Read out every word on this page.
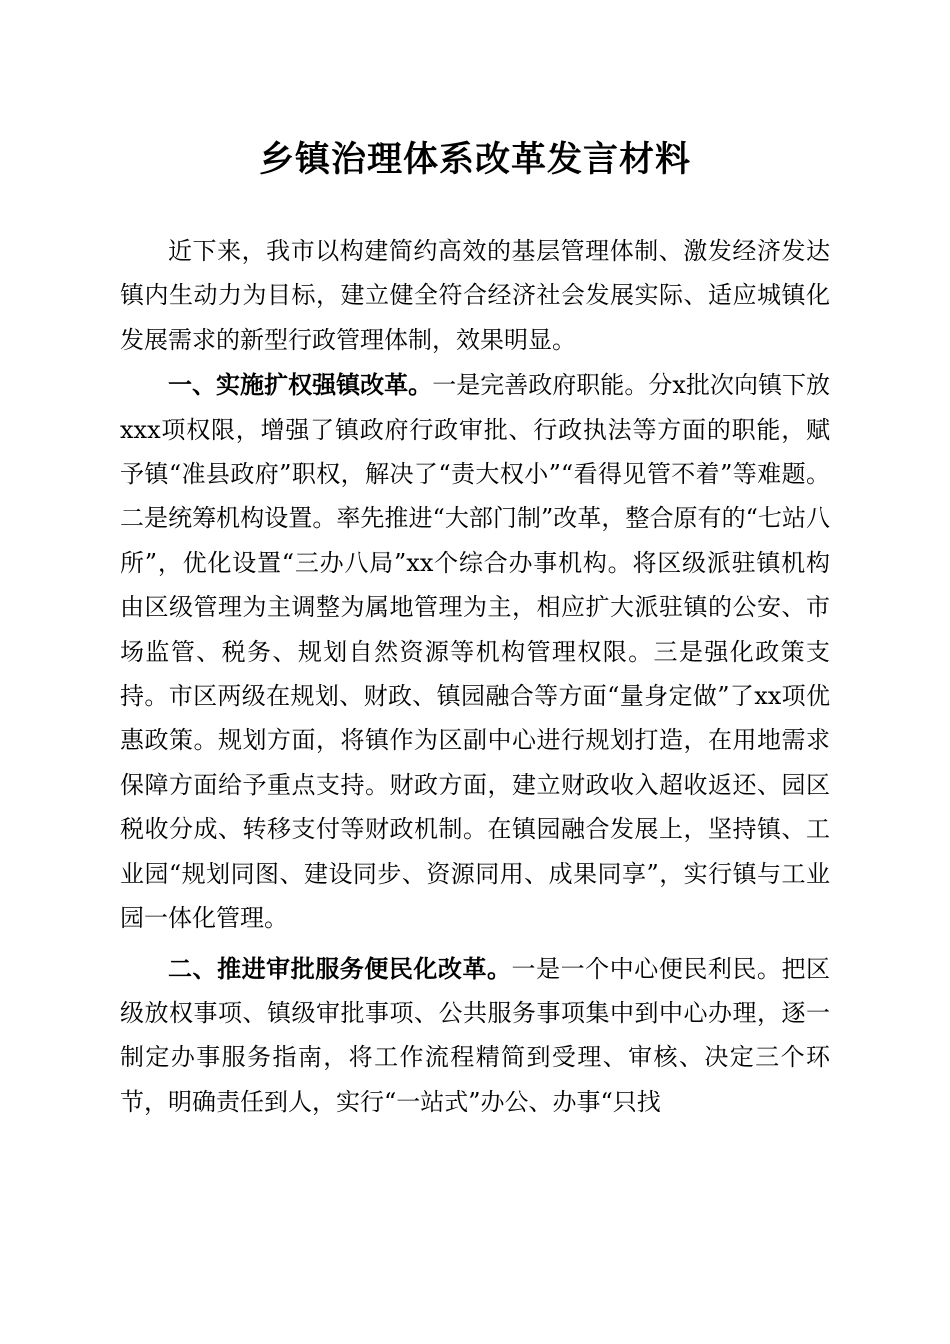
乡镇治理体系改革发言材料

近下来，我市以构建简约高效的基层管理体制、激发经济发达镇内生动力为目标，建立健全符合经济社会发展实际、适应城镇化发展需求的新型行政管理体制，效果明显。

一、实施扩权强镇改革。一是完善政府职能。分x批次向镇下放xxx项权限，增强了镇政府行政审批、行政执法等方面的职能，赋予镇“准县政府”职权，解决了“责大权小”“看得见管不着”等难题。二是统筹机构设置。率先推进“大部门制”改革，整合原有的“七站八所”，优化设置“三办八局”xx个综合办事机构。将区级派驻镇机构由区级管理为主调整为属地管理为主，相应扩大派驻镇的公安、市场监管、税务、规划自然资源等机构管理权限。三是强化政策支持。市区两级在规划、财政、镇园融合等方面“量身定做”了xx项优惠政策。规划方面，将镇作为区副中心进行规划打造，在用地需求保障方面给予重点支持。财政方面，建立财政收入超收返还、园区税收分成、转移支付等财政机制。在镇园融合发展上，坚持镇、工业园“规划同图、建设同步、资源同用、成果同享”，实行镇与工业园一体化管理。

二、推进审批服务便民化改革。一是一个中心便民利民。把区级放权事项、镇级审批事项、公共服务事项集中到中心办理，逐一制定办事服务指南，将工作流程精简到受理、审核、决定三个环节，明确责任到人，实行“一站式”办公、办事“只找
